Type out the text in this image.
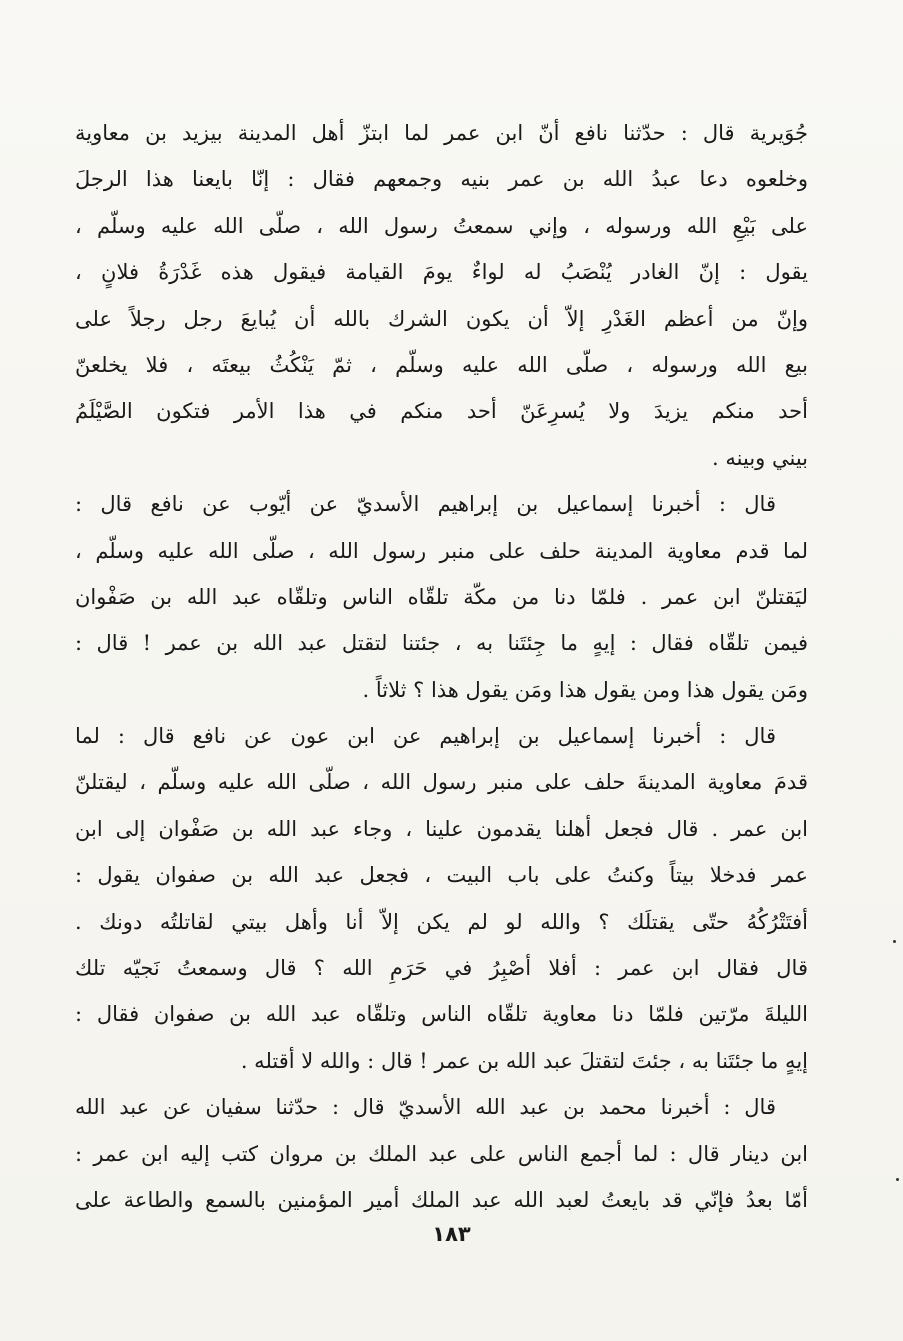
جُوَيرية قال : حدّثنا نافع أنّ ابن عمر لما ابتزّ أهل المدينة بيزيد بن معاوية
وخلعوه دعا عبدُ الله بن عمر بنيه وجمعهم فقال : إنّا بايعنا هذا الرجلَ
على بَيْعِ الله ورسوله ، وإني سمعتُ رسول الله ، صلّى الله عليه وسلّم ،
يقول : إنّ الغادر يُنْصَبُ له لواءٌ يومَ القيامة فيقول هذه غَدْرَةُ فلانٍ ،
وإنّ من أعظم الغَدْرِ إلاّ أن يكون الشرك بالله أن يُبايعَ رجل رجلاً على
بيع الله ورسوله ، صلّى الله عليه وسلّم ، ثمّ يَنْكُثُ بيعتَه ، فلا يخلعنّ
أحد منكم يزيدَ ولا يُسرِعَنّ أحد منكم في هذا الأمر فتكون الصَّيْلَمُ
بيني وبينه .
قال : أخبرنا إسماعيل بن إبراهيم الأسديّ عن أيّوب عن نافع قال :
لما قدم معاوية المدينة حلف على منبر رسول الله ، صلّى الله عليه وسلّم ،
ليَقتلنّ ابن عمر . فلمّا دنا من مكّة تلقّاه الناس وتلقّاه عبد الله بن صَفْوان
فيمن تلقّاه فقال : إيهٍ ما جِئتَنا به ، جئتنا لتقتل عبد الله بن عمر ! قال :
ومَن يقول هذا ومن يقول هذا ومَن يقول هذا ؟ ثلاثاً .
قال : أخبرنا إسماعيل بن إبراهيم عن ابن عون عن نافع قال : لما
قدمَ معاوية المدينةَ حلف على منبر رسول الله ، صلّى الله عليه وسلّم ، ليقتلنّ
ابن عمر . قال فجعل أهلنا يقدمون علينا ، وجاء عبد الله بن صَفْوان إلى ابن
عمر فدخلا بيتاً وكنتُ على باب البيت ، فجعل عبد الله بن صفوان يقول :
أفتَتْرُكُهُ حتّى يقتلَك ؟ والله لو لم يكن إلاّ أنا وأهل بيتي لقاتلتُه دونك .
قال فقال ابن عمر : أفلا أصْبِرُ في حَرَمِ الله ؟ قال وسمعتُ نَجيّه تلك
الليلةَ مرّتين فلمّا دنا معاوية تلقّاه الناس وتلقّاه عبد الله بن صفوان فقال :
إيهٍ ما جئتَنا به ، جئتَ لتقتلَ عبد الله بن عمر ! قال : والله لا أقتله .
قال : أخبرنا محمد بن عبد الله الأسديّ قال : حدّثنا سفيان عن عبد الله
ابن دينار قال : لما أجمع الناس على عبد الملك بن مروان كتب إليه ابن عمر :
أمّا بعدُ فإنّي قد بايعتُ لعبد الله عبد الملك أمير المؤمنين بالسمع والطاعة على
١٨٣
